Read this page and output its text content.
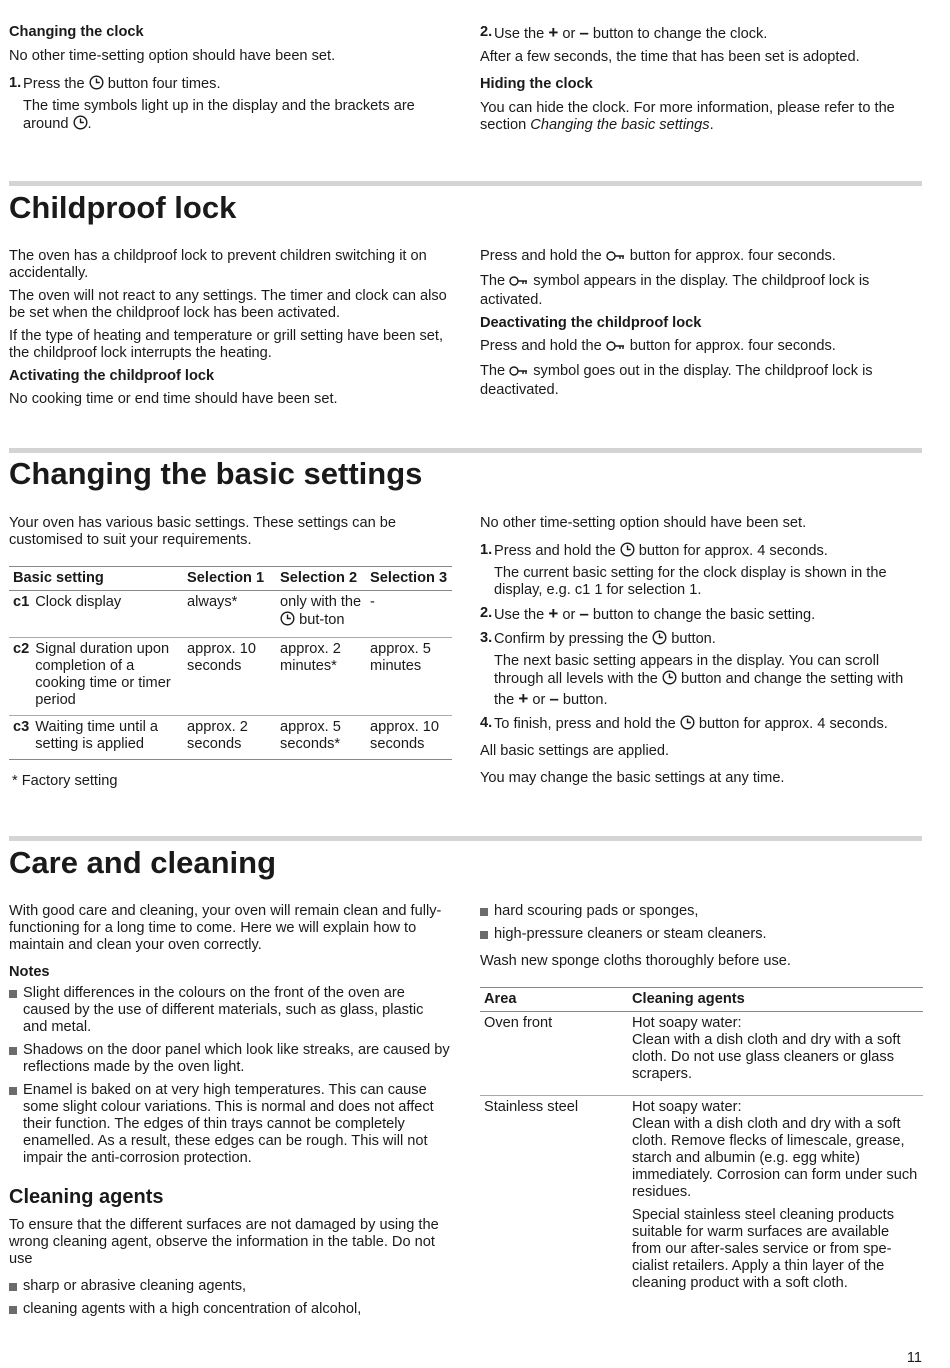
Changing the clock

No other time-setting option should have been set.

1. Press the  button four times.
The time symbols light up in the display and the brackets are around .
2. Use the + or – button to change the clock.

After a few seconds, the time that has been set is adopted.

Hiding the clock

You can hide the clock. For more information, please refer to the section Changing the basic settings.

Childproof lock

The oven has a childproof lock to prevent children switching it on accidentally.

The oven will not react to any settings. The timer and clock can also be set when the childproof lock has been activated.

If the type of heating and temperature or grill setting have been set, the childproof lock interrupts the heating.

Activating the childproof lock

No cooking time or end time should have been set.

Press and hold the  button for approx. four seconds.

The  symbol appears in the display. The childproof lock is activated.

Deactivating the childproof lock

Press and hold the  button for approx. four seconds.

The  symbol goes out in the display. The childproof lock is deactivated.

Changing the basic settings

Your oven has various basic settings. These settings can be customised to suit your requirements.

Basic setting		Selection 1	Selection 2	Selection 3
c1	Clock display	always*	only with the  but-ton	-
c2	Signal duration upon completion of a cooking time or timer period	approx. 10 seconds	approx. 2 minutes*	approx. 5 minutes
c3	Waiting time until a setting is applied	approx. 2 seconds	approx. 5 seconds*	approx. 10 seconds
* Factory setting

No other time-setting option should have been set.

1. Press and hold the  button for approx. 4 seconds.
The current basic setting for the clock display is shown in the display, e.g. c1 1 for selection 1.
2. Use the + or – button to change the basic setting.
3. Confirm by pressing the  button.
The next basic setting appears in the display. You can scroll through all levels with the  button and change the setting with the + or – button.
4. To finish, press and hold the  button for approx. 4 seconds.

All basic settings are applied.

You may change the basic settings at any time.

Care and cleaning

With good care and cleaning, your oven will remain clean and fully-functioning for a long time to come. Here we will explain how to maintain and clean your oven correctly.

Notes

Slight differences in the colours on the front of the oven are caused by the use of different materials, such as glass, plastic and metal.
Shadows on the door panel which look like streaks, are caused by reflections made by the oven light.
Enamel is baked on at very high temperatures. This can cause some slight colour variations. This is normal and does not affect their function. The edges of thin trays cannot be completely enamelled. As a result, these edges can be rough. This will not impair the anti-corrosion protection.
Cleaning agents

To ensure that the different surfaces are not damaged by using the wrong cleaning agent, observe the information in the table. Do not use

sharp or abrasive cleaning agents,
cleaning agents with a high concentration of alcohol,
hard scouring pads or sponges,
high-pressure cleaners or steam cleaners.

Wash new sponge cloths thoroughly before use.

Area	Cleaning agents
Oven front	Hot soapy water:
Clean with a dish cloth and dry with a soft cloth. Do not use glass cleaners or glass scrapers.

Stainless steel	Hot soapy water:
Clean with a dish cloth and dry with a soft cloth. Remove flecks of limescale, grease, starch and albumin (e.g. egg white) immediately. Corrosion can form under such residues.

Special stainless steel cleaning products suitable for warm surfaces are available from our after-sales service or from spe-cialist retailers. Apply a thin layer of the cleaning product with a soft cloth.

11
